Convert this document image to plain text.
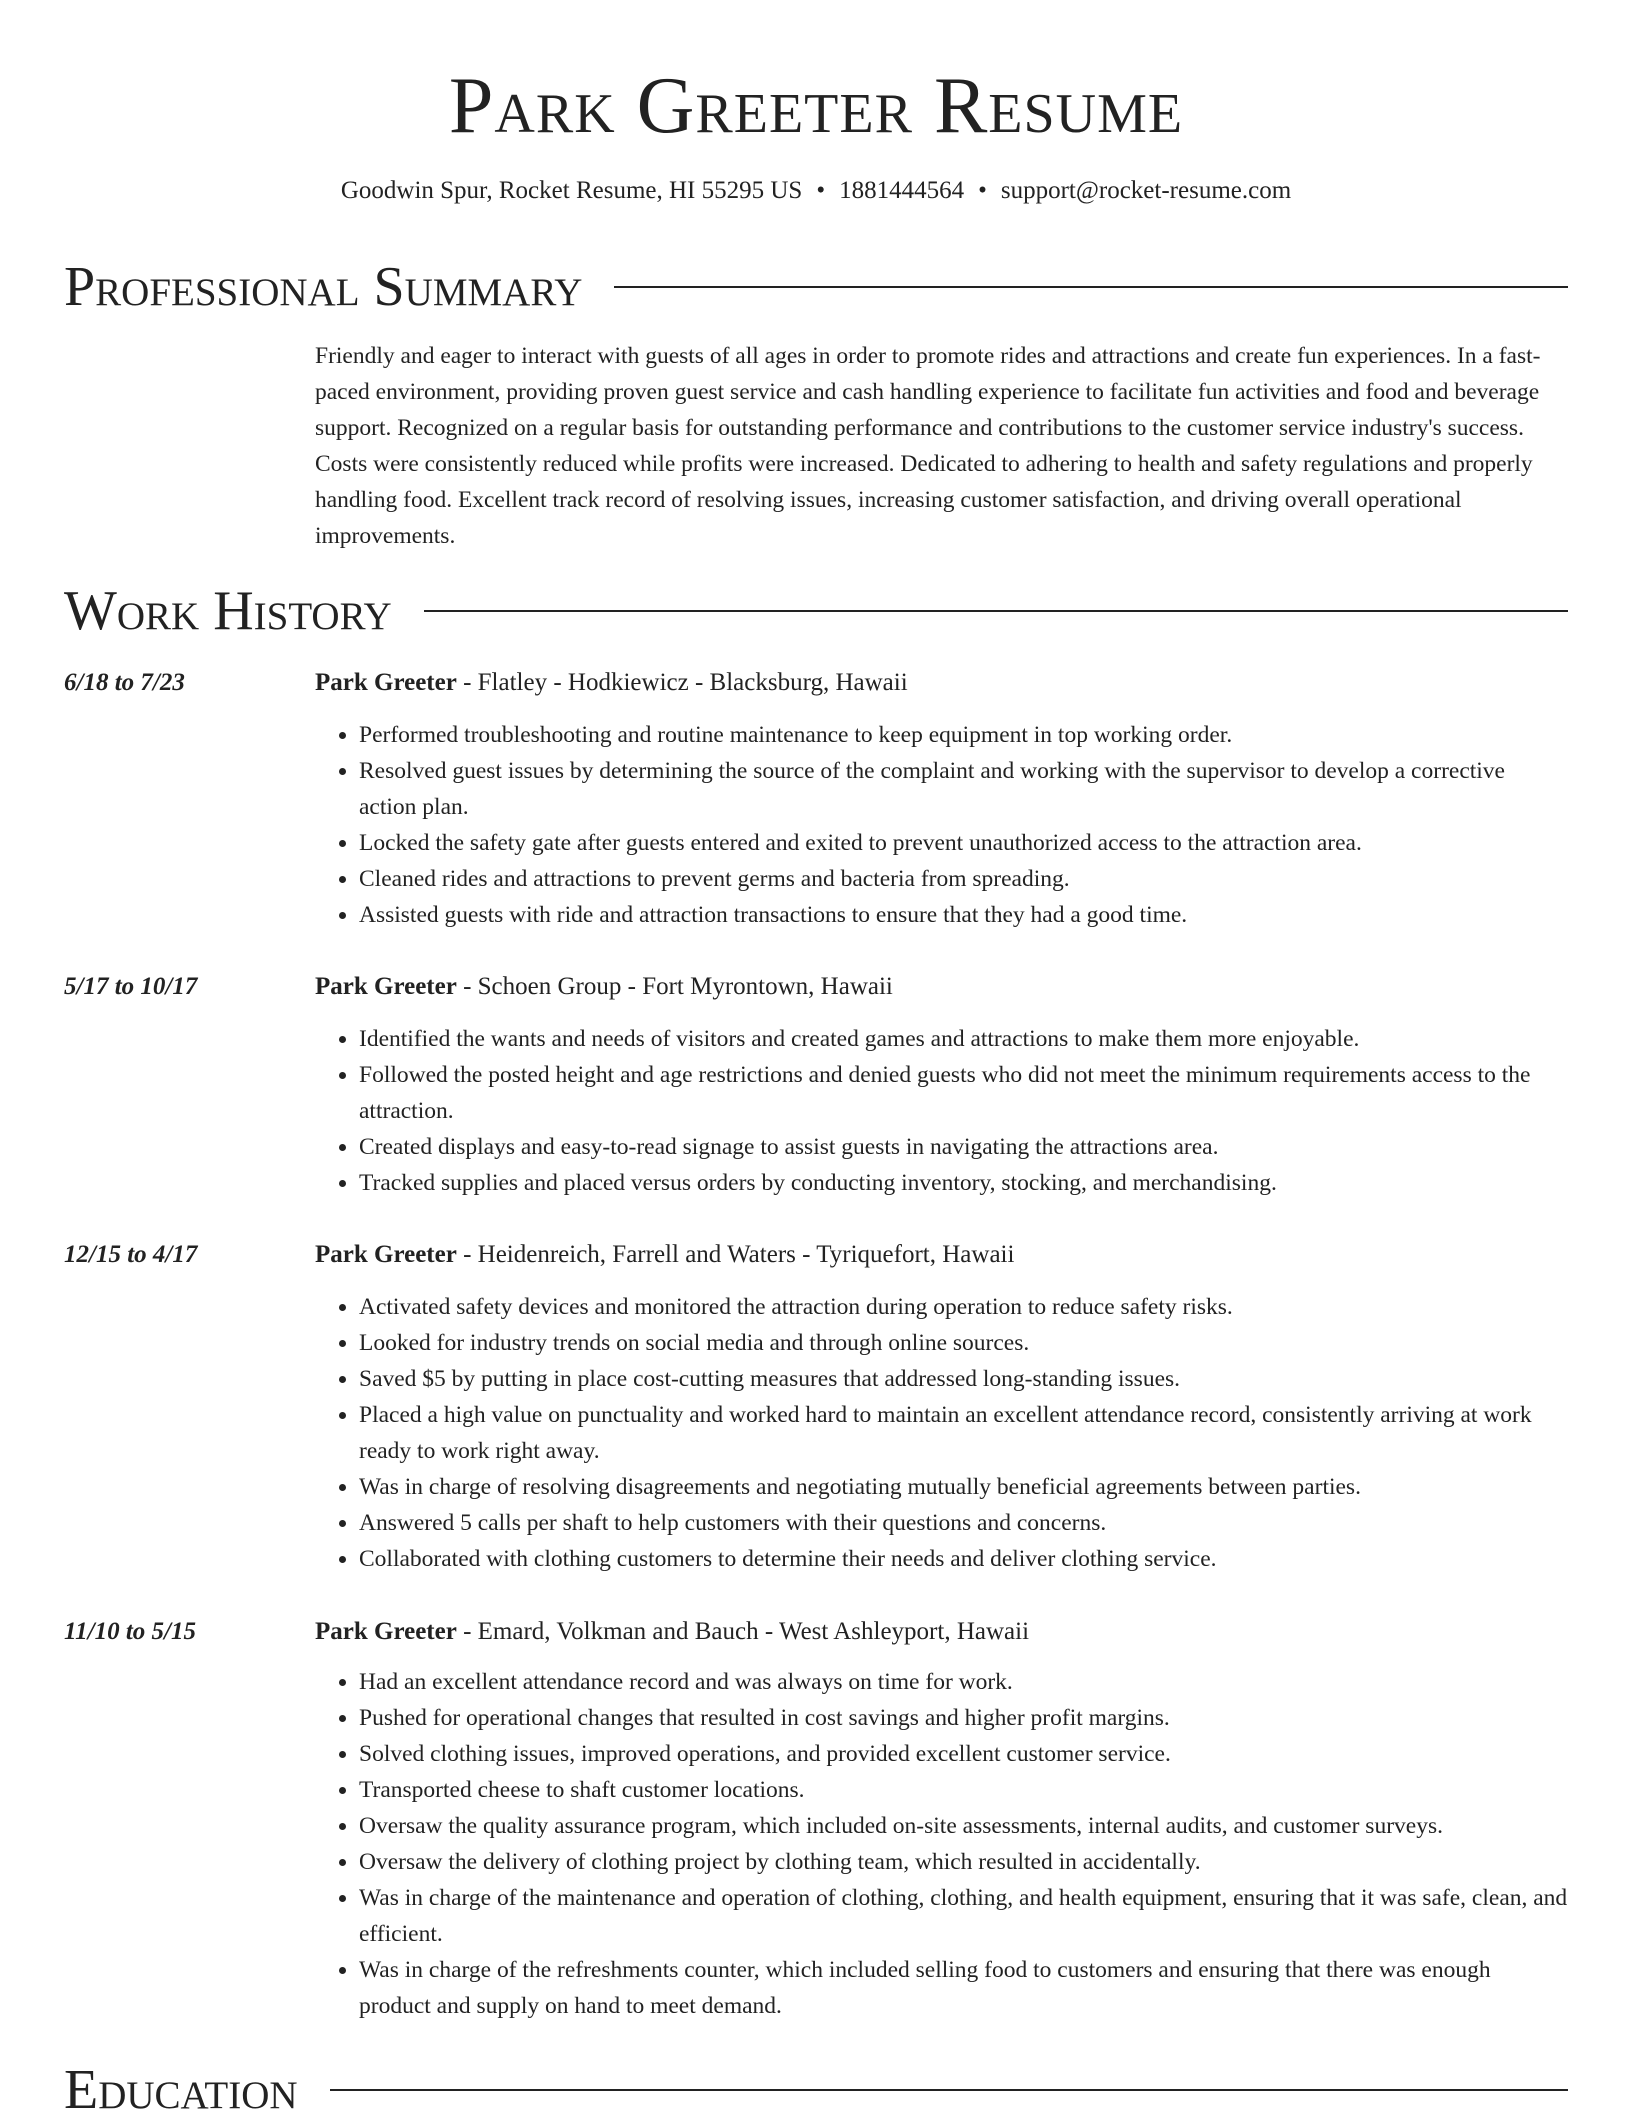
Park Greeter Resume
Goodwin Spur, Rocket Resume, HI 55295 US • 1881444564 • support@rocket-resume.com
Professional Summary

Friendly and eager to interact with guests of all ages in order to promote rides and attractions and create fun experiences. In a fast-paced environment, providing proven guest service and cash handling experience to facilitate fun activities and food and beverage support. Recognized on a regular basis for outstanding performance and contributions to the customer service industry's success. Costs were consistently reduced while profits were increased. Dedicated to adhering to health and safety regulations and properly handling food. Excellent track record of resolving issues, increasing customer satisfaction, and driving overall operational improvements.

Work History
6/18 to 7/23	Park Greeter - Flatley - Hodkiewicz - Blacksburg, Hawaii
• Performed troubleshooting and routine maintenance to keep equipment in top working order.
• Resolved guest issues by determining the source of the complaint and working with the supervisor to develop a corrective action plan.
• Locked the safety gate after guests entered and exited to prevent unauthorized access to the attraction area.
• Cleaned rides and attractions to prevent germs and bacteria from spreading.
• Assisted guests with ride and attraction transactions to ensure that they had a good time.
5/17 to 10/17	Park Greeter - Schoen Group - Fort Myrontown, Hawaii
• Identified the wants and needs of visitors and created games and attractions to make them more enjoyable.
• Followed the posted height and age restrictions and denied guests who did not meet the minimum requirements access to the attraction.
• Created displays and easy-to-read signage to assist guests in navigating the attractions area.
• Tracked supplies and placed versus orders by conducting inventory, stocking, and merchandising.
12/15 to 4/17	Park Greeter - Heidenreich, Farrell and Waters - Tyriquefort, Hawaii
• Activated safety devices and monitored the attraction during operation to reduce safety risks.
• Looked for industry trends on social media and through online sources.
• Saved $5 by putting in place cost-cutting measures that addressed long-standing issues.
• Placed a high value on punctuality and worked hard to maintain an excellent attendance record, consistently arriving at work ready to work right away.
• Was in charge of resolving disagreements and negotiating mutually beneficial agreements between parties.
• Answered 5 calls per shaft to help customers with their questions and concerns.
• Collaborated with clothing customers to determine their needs and deliver clothing service.
11/10 to 5/15	Park Greeter - Emard, Volkman and Bauch - West Ashleyport, Hawaii
• Had an excellent attendance record and was always on time for work.
• Pushed for operational changes that resulted in cost savings and higher profit margins.
• Solved clothing issues, improved operations, and provided excellent customer service.
• Transported cheese to shaft customer locations.
• Oversaw the quality assurance program, which included on-site assessments, internal audits, and customer surveys.
• Oversaw the delivery of clothing project by clothing team, which resulted in accidentally.
• Was in charge of the maintenance and operation of clothing, clothing, and health equipment, ensuring that it was safe, clean, and efficient.
• Was in charge of the refreshments counter, which included selling food to customers and ensuring that there was enough product and supply on hand to meet demand.
Education
